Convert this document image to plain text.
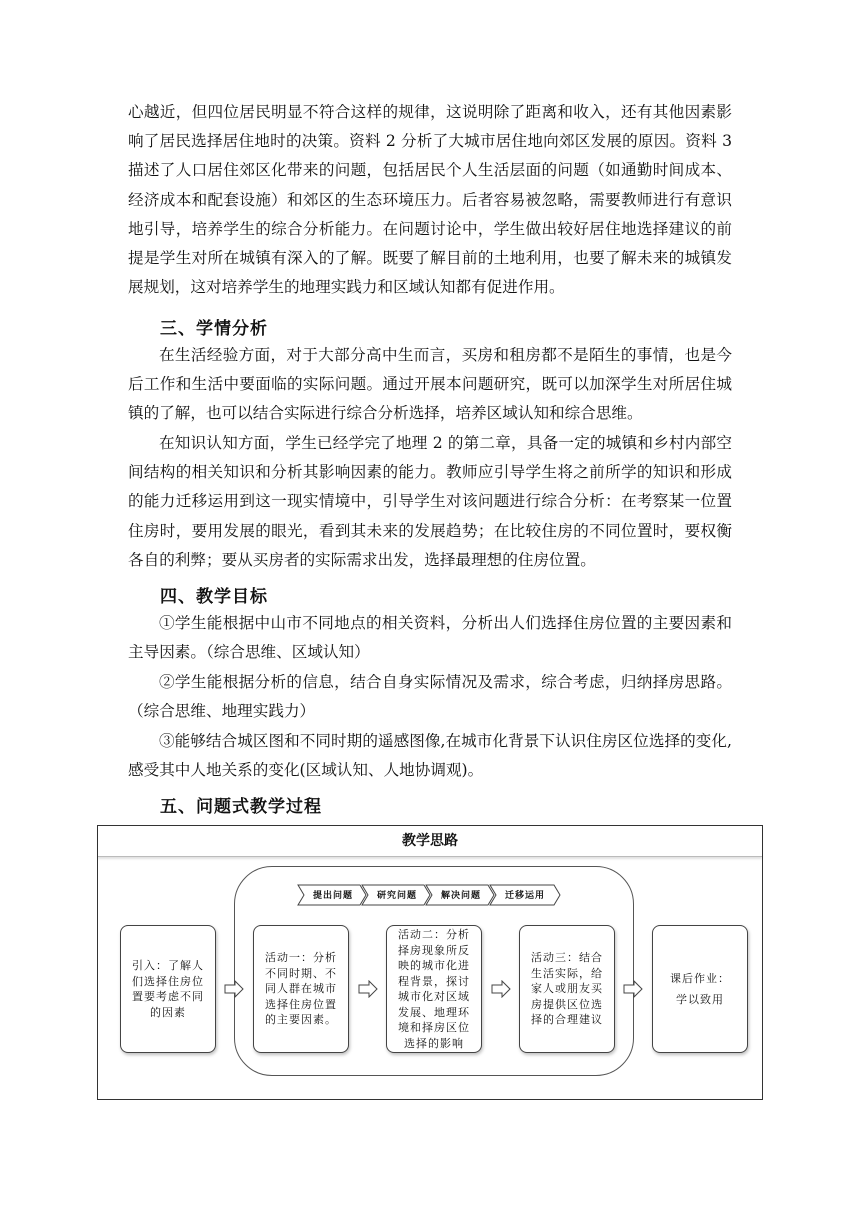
心越近，但四位居民明显不符合这样的规律，这说明除了距离和收入，还有其他因素影响了居民选择居住地时的决策。资料 2 分析了大城市居住地向郊区发展的原因。资料 3 描述了人口居住郊区化带来的问题，包括居民个人生活层面的问题（如通勤时间成本、经济成本和配套设施）和郊区的生态环境压力。后者容易被忽略，需要教师进行有意识地引导，培养学生的综合分析能力。在问题讨论中，学生做出较好居住地选择建议的前提是学生对所在城镇有深入的了解。既要了解目前的土地利用，也要了解未来的城镇发展规划，这对培养学生的地理实践力和区域认知都有促进作用。

三、学情分析

在生活经验方面，对于大部分高中生而言，买房和租房都不是陌生的事情，也是今后工作和生活中要面临的实际问题。通过开展本问题研究，既可以加深学生对所居住城镇的了解，也可以结合实际进行综合分析选择，培养区域认知和综合思维。

在知识认知方面，学生已经学完了地理 2 的第二章，具备一定的城镇和乡村内部空间结构的相关知识和分析其影响因素的能力。教师应引导学生将之前所学的知识和形成的能力迁移运用到这一现实情境中，引导学生对该问题进行综合分析：在考察某一位置住房时，要用发展的眼光，看到其未来的发展趋势；在比较住房的不同位置时，要权衡各自的利弊；要从买房者的实际需求出发，选择最理想的住房位置。

四、教学目标

①学生能根据中山市不同地点的相关资料，分析出人们选择住房位置的主要因素和主导因素。（综合思维、区域认知）

②学生能根据分析的信息，结合自身实际情况及需求，综合考虑，归纳择房思路。（综合思维、地理实践力）

③能够结合城区图和不同时期的遥感图像,在城市化背景下认识住房区位选择的变化,感受其中人地关系的变化(区域认知、人地协调观)。

五、问题式教学过程
教学思路
提出问题	研究问题	解决问题	迁移运用
引入：了解人
们选择住房位
置要考虑不同
的因素
活动一：分析
不同时期、不
同人群在城市
选择住房位置
的主要因素。
活动二：分析
择房现象所反
映的城市化进
程背景，探讨
城市化对区域
发展、地理环
境和择房区位
选择的影响
活动三：结合
生活实际，给
家人或朋友买
房提供区位选
择的合理建议
课后作业：
学以致用
